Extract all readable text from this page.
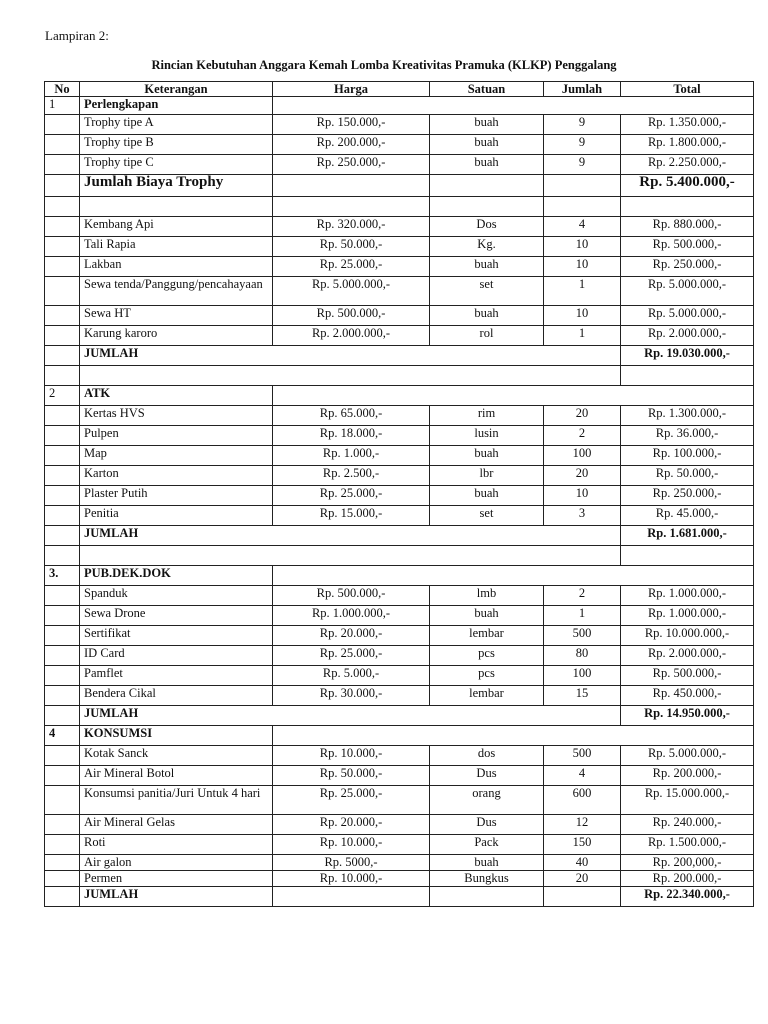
Lampiran 2:
Rincian Kebutuhan Anggara Kemah Lomba Kreativitas Pramuka (KLKP) Penggalang
No	Keterangan	Harga	Satuan	Jumlah	Total
1	Perlengkapan				
	Trophy tipe A	Rp. 150.000,-	buah	9	Rp. 1.350.000,-
	Trophy tipe B	Rp. 200.000,-	buah	9	Rp. 1.800.000,-
	Trophy tipe C	Rp. 250.000,-	buah	9	Rp. 2.250.000,-
	Jumlah Biaya Trophy				Rp. 5.400.000,-

	Kembang Api	Rp. 320.000,-	Dos	4	Rp. 880.000,-
	Tali Rapia	Rp. 50.000,-	Kg.	10	Rp. 500.000,-
	Lakban	Rp. 25.000,-	buah	10	Rp. 250.000,-
	Sewa tenda/Panggung/pencahayaan	Rp. 5.000.000,-	set	1	Rp. 5.000.000,-
	Sewa HT	Rp. 500.000,-	buah	10	Rp. 5.000.000,-
	Karung karoro	Rp. 2.000.000,-	rol	1	Rp. 2.000.000,-
	JUMLAH				Rp. 19.030.000,-

2	ATK				
	Kertas HVS	Rp. 65.000,-	rim	20	Rp. 1.300.000,-
	Pulpen	Rp. 18.000,-	lusin	2	Rp. 36.000,-
	Map	Rp. 1.000,-	buah	100	Rp. 100.000,-
	Karton	Rp. 2.500,-	lbr	20	Rp. 50.000,-
	Plaster Putih	Rp. 25.000,-	buah	10	Rp. 250.000,-
	Penitia	Rp. 15.000,-	set	3	Rp. 45.000,-
	JUMLAH				Rp. 1.681.000,-

3.	PUB.DEK.DOK				
	Spanduk	Rp. 500.000,-	lmb	2	Rp. 1.000.000,-
	Sewa Drone	Rp. 1.000.000,-	buah	1	Rp. 1.000.000,-
	Sertifikat	Rp. 20.000,-	lembar	500	Rp. 10.000.000,-
	ID Card	Rp. 25.000,-	pcs	80	Rp. 2.000.000,-
	Pamflet	Rp. 5.000,-	pcs	100	Rp. 500.000,-
	Bendera Cikal	Rp. 30.000,-	lembar	15	Rp. 450.000,-
	JUMLAH				Rp. 14.950.000,-
4	KONSUMSI				
	Kotak Sanck	Rp. 10.000,-	dos	500	Rp. 5.000.000,-
	Air Mineral Botol	Rp. 50.000,-	Dus	4	Rp. 200.000,-
	Konsumsi panitia/Juri Untuk 4 hari	Rp. 25.000,-	orang	600	Rp. 15.000.000,-
	Air Mineral Gelas	Rp. 20.000,-	Dus	12	Rp. 240.000,-
	Roti	Rp. 10.000,-	Pack	150	Rp. 1.500.000,-
	Air galon	Rp. 5000,-	buah	40	Rp. 200,000,-
	Permen	Rp. 10.000,-	Bungkus	20	Rp. 200.000,-
	JUMLAH				Rp. 22.340.000,-
